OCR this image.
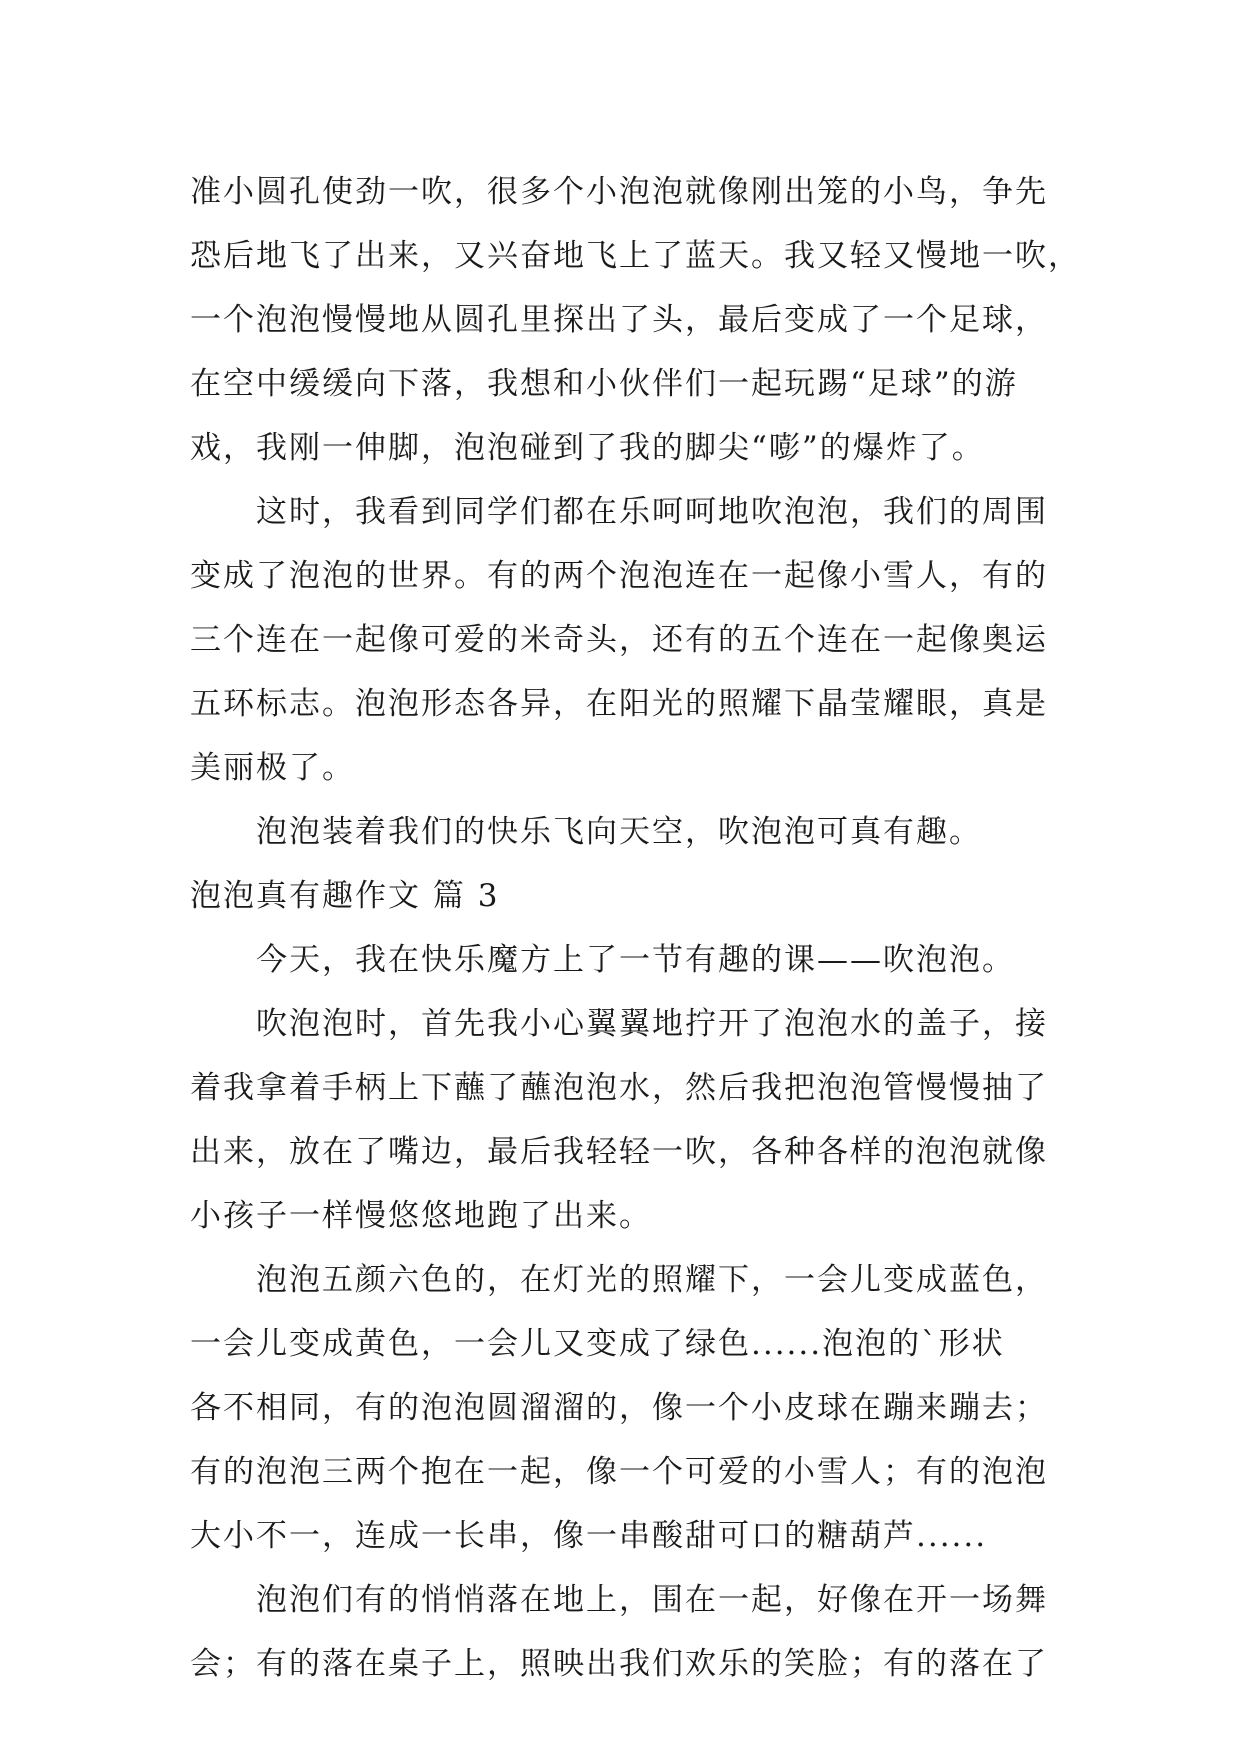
准小圆孔使劲一吹，很多个小泡泡就像刚出笼的小鸟，争先
恐后地飞了出来，又兴奋地飞上了蓝天。我又轻又慢地一吹，
一个泡泡慢慢地从圆孔里探出了头，最后变成了一个足球，
在空中缓缓向下落，我想和小伙伴们一起玩踢“足球”的游
戏，我刚一伸脚，泡泡碰到了我的脚尖“嘭”的爆炸了。
这时，我看到同学们都在乐呵呵地吹泡泡，我们的周围
变成了泡泡的世界。有的两个泡泡连在一起像小雪人，有的
三个连在一起像可爱的米奇头，还有的五个连在一起像奥运
五环标志。泡泡形态各异，在阳光的照耀下晶莹耀眼，真是
美丽极了。
泡泡装着我们的快乐飞向天空，吹泡泡可真有趣。
泡泡真有趣作文 篇 3
今天，我在快乐魔方上了一节有趣的课——吹泡泡。
吹泡泡时，首先我小心翼翼地拧开了泡泡水的盖子，接
着我拿着手柄上下蘸了蘸泡泡水，然后我把泡泡管慢慢抽了
出来，放在了嘴边，最后我轻轻一吹，各种各样的泡泡就像
小孩子一样慢悠悠地跑了出来。
泡泡五颜六色的，在灯光的照耀下，一会儿变成蓝色，
一会儿变成黄色，一会儿又变成了绿色......泡泡的`形状
各不相同，有的泡泡圆溜溜的，像一个小皮球在蹦来蹦去；
有的泡泡三两个抱在一起，像一个可爱的小雪人；有的泡泡
大小不一，连成一长串，像一串酸甜可口的糖葫芦......
泡泡们有的悄悄落在地上，围在一起，好像在开一场舞
会；有的落在桌子上，照映出我们欢乐的笑脸；有的落在了
